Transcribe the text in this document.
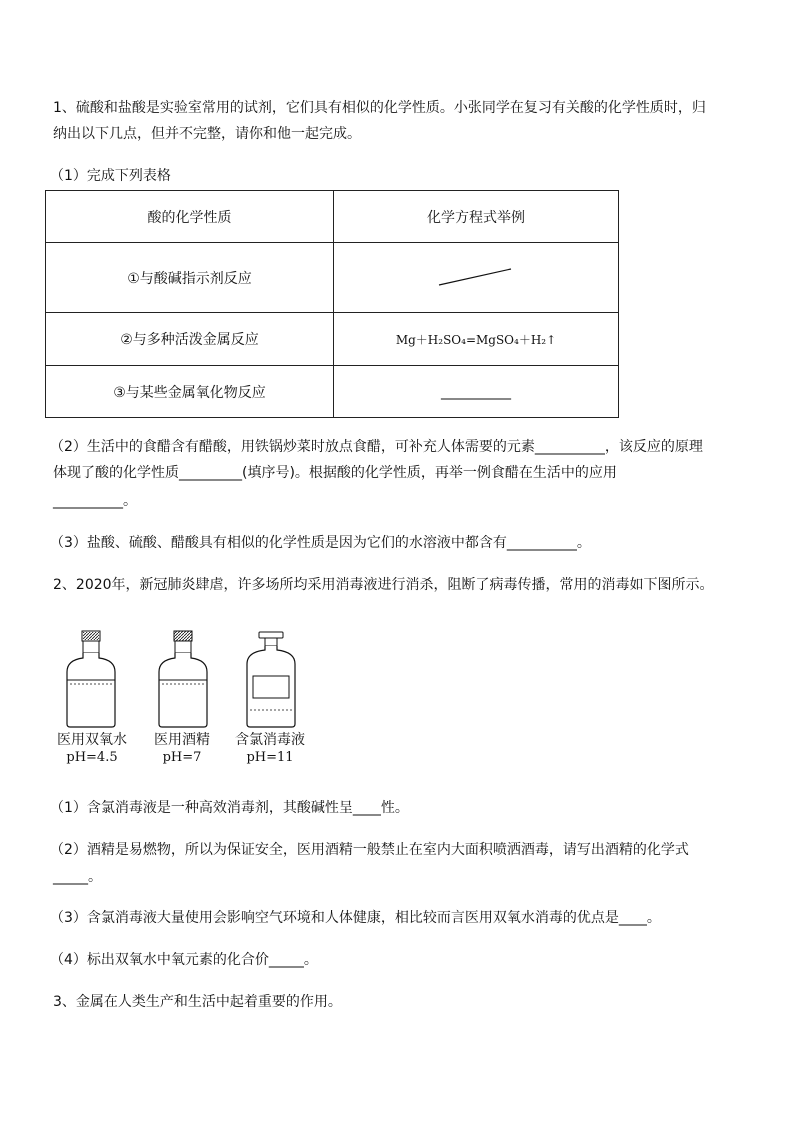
1、硫酸和盐酸是实验室常用的试剂，它们具有相似的化学性质。小张同学在复习有关酸的化学性质时，归
纳出以下几点，但并不完整，请你和他一起完成。
（1）完成下列表格
酸的化学性质	化学方程式举例
①与酸碱指示剂反应	
②与多种活泼金属反应	Mg＋H₂SO₄=MgSO₄＋H₂↑
③与某些金属氧化物反应	__________
（2）生活中的食醋含有醋酸，用铁锅炒菜时放点食醋，可补充人体需要的元素__________，该反应的原理
体现了酸的化学性质_________(填序号)。根据酸的化学性质，再举一例食醋在生活中的应用
__________。
（3）盐酸、硫酸、醋酸具有相似的化学性质是因为它们的水溶液中都含有__________。
2、2020年，新冠肺炎肆虐，许多场所均采用消毒液进行消杀，阻断了病毒传播，常用的消毒如下图所示。
医用双氧水
pH=4.5
医用酒精
pH=7
含氯消毒液
pH=11
（1）含氯消毒液是一种高效消毒剂，其酸碱性呈____性。
（2）酒精是易燃物，所以为保证安全，医用酒精一般禁止在室内大面积喷洒酒毒，请写出酒精的化学式
_____。
（3）含氯消毒液大量使用会影响空气环境和人体健康，相比较而言医用双氧水消毒的优点是____。
（4）标出双氧水中氧元素的化合价_____。
3、金属在人类生产和生活中起着重要的作用。
